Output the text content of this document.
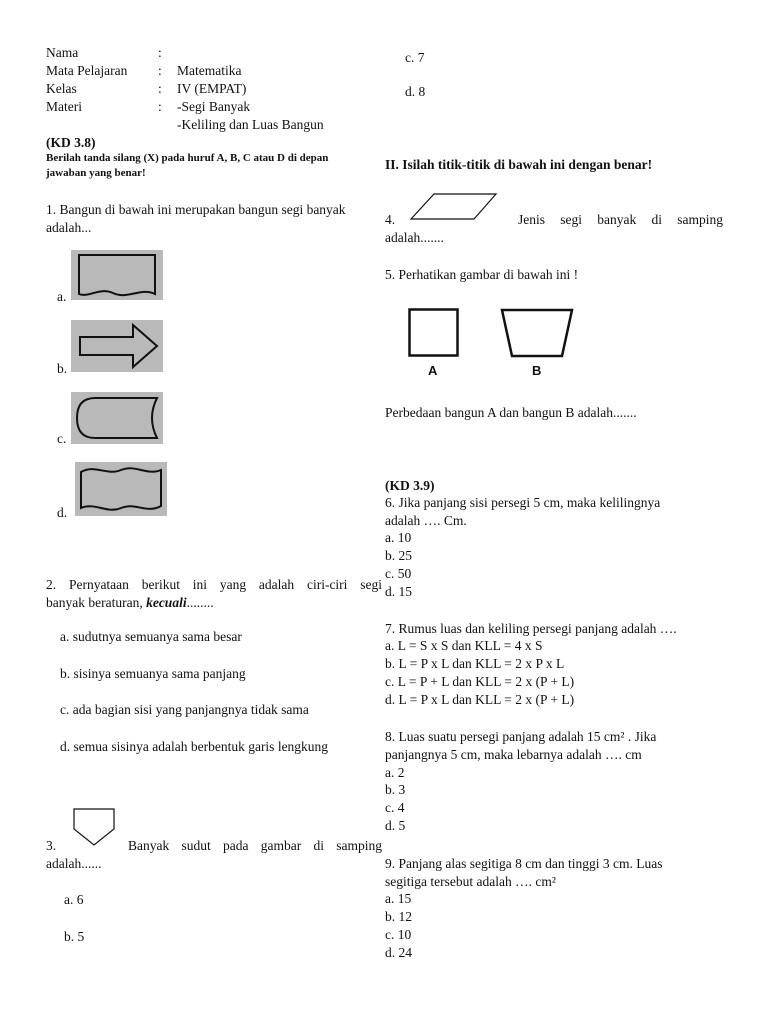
Nama	:
Mata Pelajaran : Matematika
Kelas	: IV (EMPAT)
Materi	: -Segi Banyak
-Keliling dan Luas Bangun
(KD 3.8)
Berilah tanda silang (X) pada huruf A, B, C atau D di depan
jawaban yang benar!
1. Bangun di bawah ini merupakan bangun segi banyak
adalah...
a.
b.
c.
d.
2. Pernyataan berikut ini yang adalah ciri-ciri segi
banyak beraturan, kecuali........
a. sudutnya semuanya sama besar
b. sisinya semuanya sama panjang
c. ada bagian sisi yang panjangnya tidak sama
d. semua sisinya adalah berbentuk garis lengkung
3.	Banyak sudut pada gambar di samping
adalah......
a. 6
b. 5
c. 7
d. 8
II. Isilah titik-titik di bawah ini dengan benar!
4.	Jenis segi banyak di samping
adalah.......
5. Perhatikan gambar di bawah ini !
A	B
Perbedaan bangun A dan bangun B adalah.......
(KD 3.9)
6. Jika panjang sisi persegi 5 cm, maka kelilingnya
adalah …. Cm.
a. 10
b. 25
c. 50
d. 15
7. Rumus luas dan keliling persegi panjang adalah ….
a. L = S x S dan KLL = 4 x S
b. L = P x L dan KLL = 2 x P x L
c. L = P + L dan KLL = 2 x (P + L)
d. L = P x L dan KLL = 2 x (P + L)
8. Luas suatu persegi panjang adalah 15 cm² . Jika
panjangnya 5 cm, maka lebarnya adalah …. cm
a. 2
b. 3
c. 4
d. 5
9. Panjang alas segitiga 8 cm dan tinggi 3 cm. Luas
segitiga tersebut adalah …. cm²
a. 15
b. 12
c. 10
d. 24
